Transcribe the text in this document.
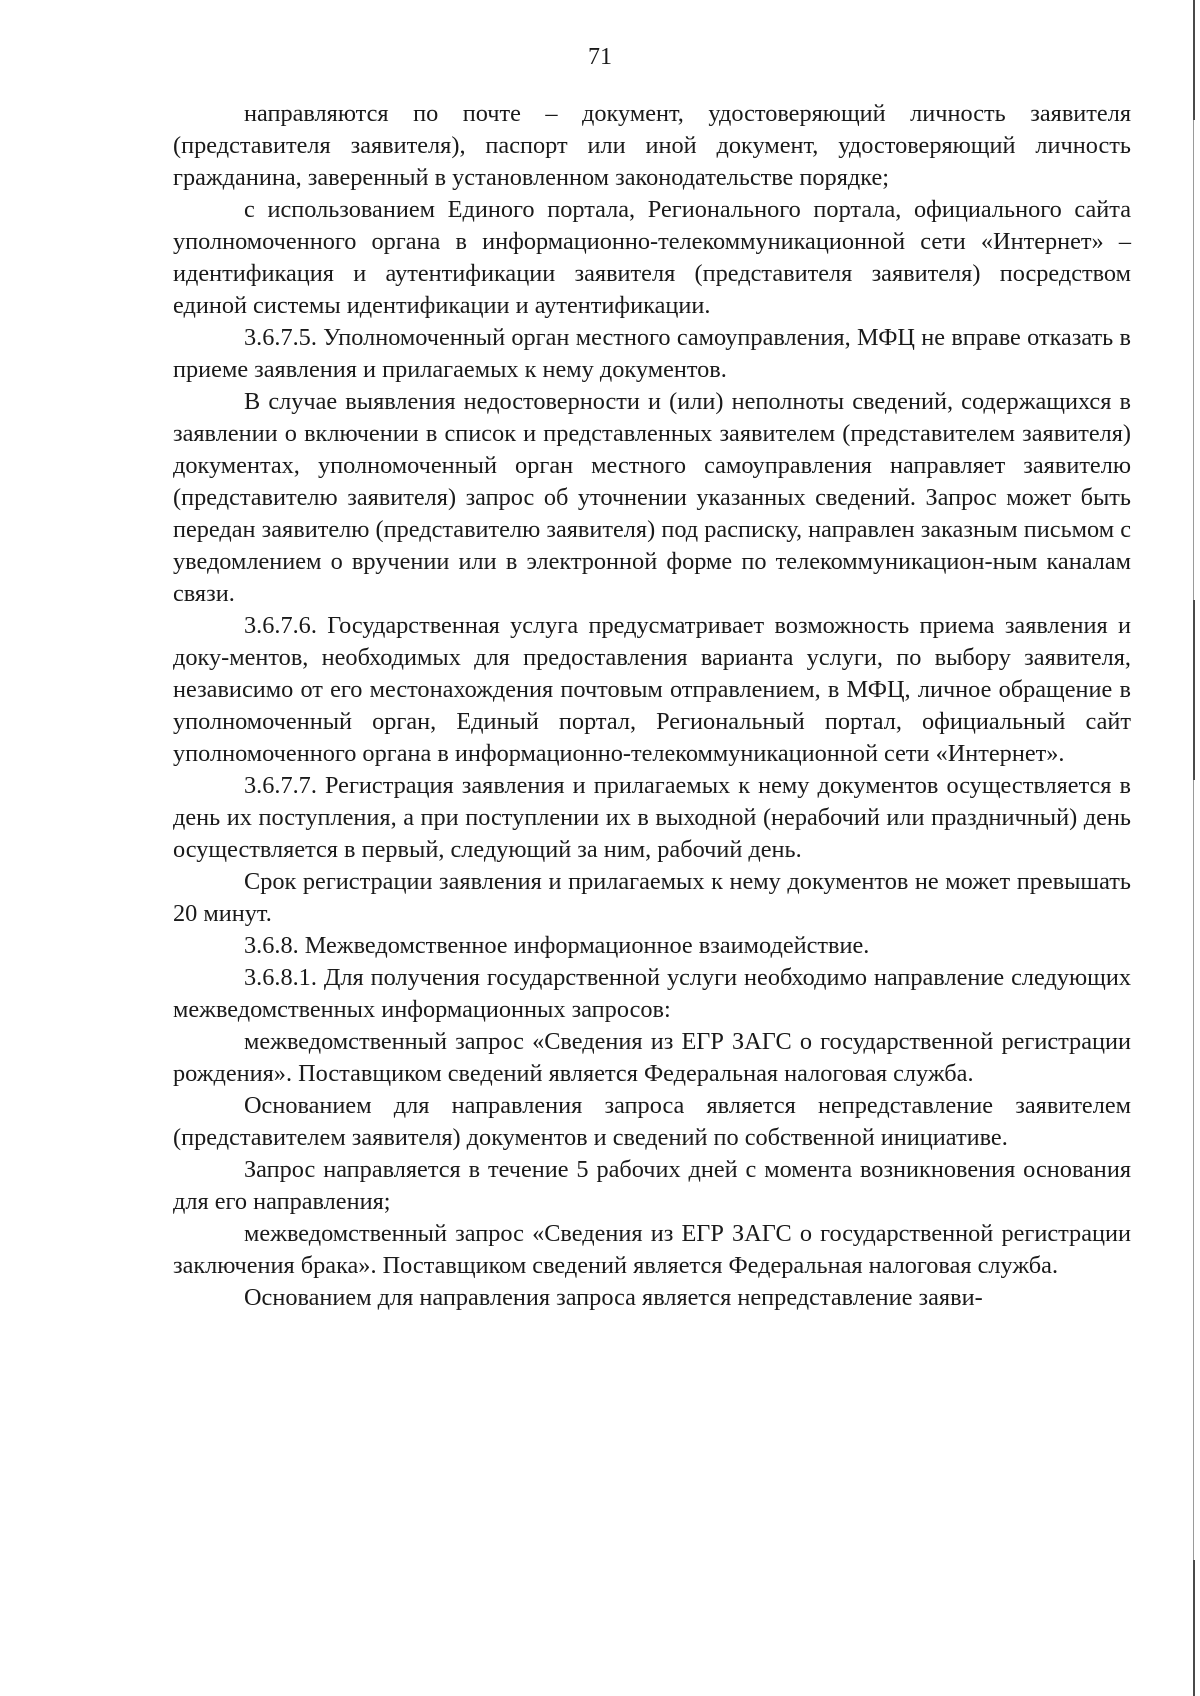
71

направляются по почте – документ, удостоверяющий личность заявителя (представителя заявителя), паспорт или иной документ, удостоверяющий личность гражданина, заверенный в установленном законодательстве порядке;

с использованием Единого портала, Регионального портала, официального сайта уполномоченного органа в информационно-телекоммуникационной сети «Интернет» – идентификация и аутентификации заявителя (представителя заявителя) посредством единой системы идентификации и аутентификации.

3.6.7.5. Уполномоченный орган местного самоуправления, МФЦ не вправе отказать в приеме заявления и прилагаемых к нему документов.

В случае выявления недостоверности и (или) неполноты сведений, содержащихся в заявлении о включении в список и представленных заявителем (представителем заявителя) документах, уполномоченный орган местного самоуправления направляет заявителю (представителю заявителя) запрос об уточнении указанных сведений. Запрос может быть передан заявителю (представителю заявителя) под расписку, направлен заказным письмом с уведомлением о вручении или в электронной форме по телекоммуникацион-ным каналам связи.

3.6.7.6. Государственная услуга предусматривает возможность приема заявления и доку-ментов, необходимых для предоставления варианта услуги, по выбору заявителя, независимо от его местонахождения почтовым отправлением, в МФЦ, личное обращение в уполномоченный орган, Единый портал, Региональный портал, официальный сайт уполномоченного органа в информационно-телекоммуникационной сети «Интернет».

3.6.7.7. Регистрация заявления и прилагаемых к нему документов осуществляется в день их поступления, а при поступлении их в выходной (нерабочий или праздничный) день осуществляется в первый, следующий за ним, рабочий день.

Срок регистрации заявления и прилагаемых к нему документов не может превышать 20 минут.

3.6.8. Межведомственное информационное взаимодействие.

3.6.8.1. Для получения государственной услуги необходимо направление следующих межведомственных информационных запросов:

межведомственный запрос «Сведения из ЕГР ЗАГС о государственной регистрации рождения». Поставщиком сведений является Федеральная налоговая служба.

Основанием для направления запроса является непредставление заявителем (представителем заявителя) документов и сведений по собственной инициативе.

Запрос направляется в течение 5 рабочих дней с момента возникновения основания для его направления;

межведомственный запрос «Сведения из ЕГР ЗАГС о государственной регистрации заключения брака». Поставщиком сведений является Федеральная налоговая служба.

Основанием для направления запроса является непредставление заяви-
